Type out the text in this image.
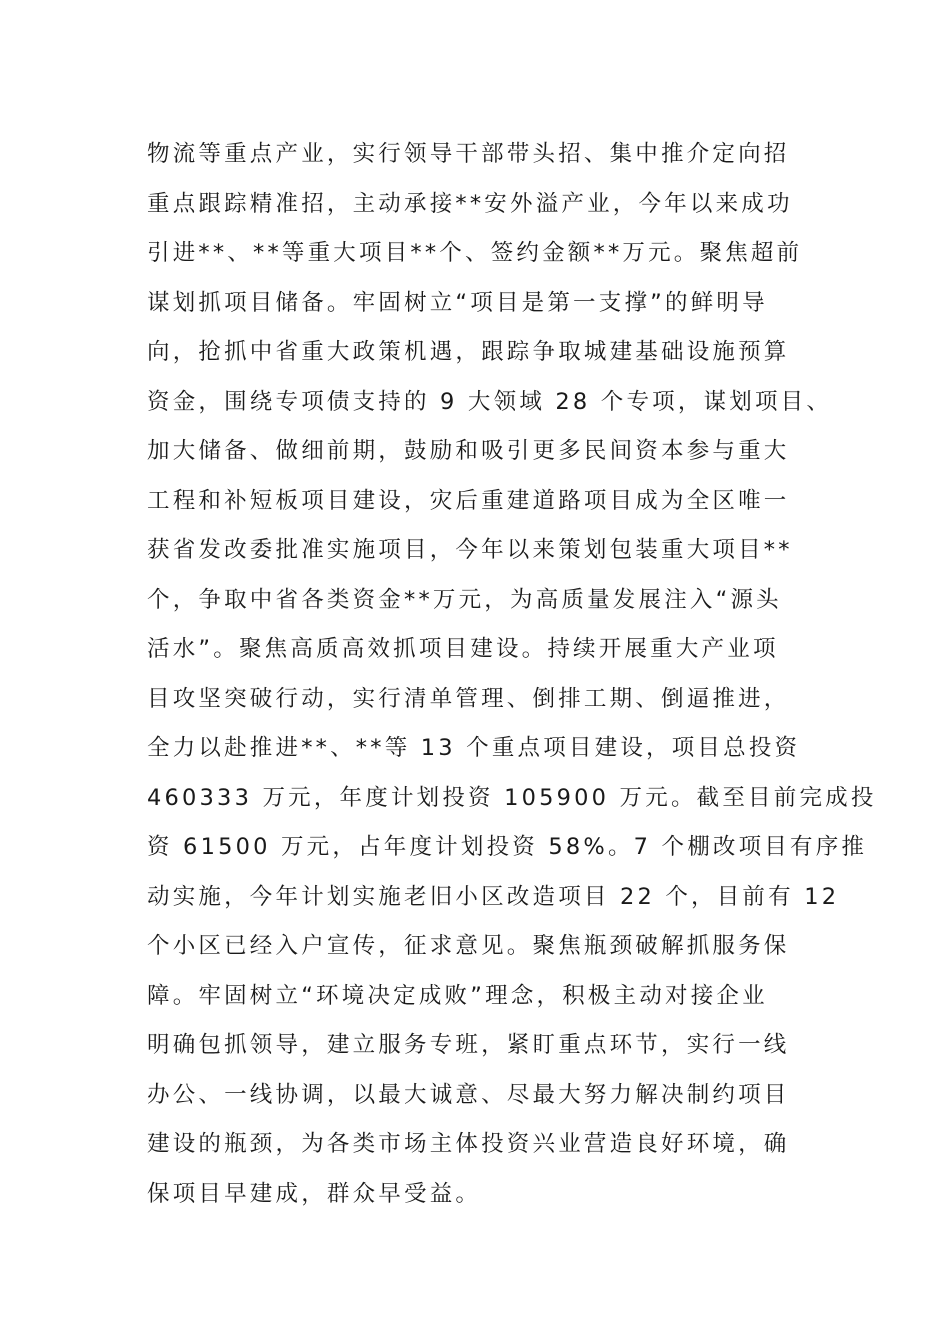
物流等重点产业，实行领导干部带头招、集中推介定向招
重点跟踪精准招，主动承接**安外溢产业，今年以来成功
引进**、**等重大项目**个、签约金额**万元。聚焦超前
谋划抓项目储备。牢固树立“项目是第一支撑”的鲜明导
向，抢抓中省重大政策机遇，跟踪争取城建基础设施预算
资金，围绕专项债支持的 9 大领域 28 个专项，谋划项目、
加大储备、做细前期，鼓励和吸引更多民间资本参与重大
工程和补短板项目建设，灾后重建道路项目成为全区唯一
获省发改委批准实施项目，今年以来策划包装重大项目**
个，争取中省各类资金**万元，为高质量发展注入“源头
活水”。聚焦高质高效抓项目建设。持续开展重大产业项
目攻坚突破行动，实行清单管理、倒排工期、倒逼推进，
全力以赴推进**、**等 13 个重点项目建设，项目总投资
460333 万元，年度计划投资 105900 万元。截至目前完成投
资 61500 万元，占年度计划投资 58%。7 个棚改项目有序推
动实施，今年计划实施老旧小区改造项目 22 个，目前有 12
个小区已经入户宣传，征求意见。聚焦瓶颈破解抓服务保
障。牢固树立“环境决定成败”理念，积极主动对接企业
明确包抓领导，建立服务专班，紧盯重点环节，实行一线
办公、一线协调，以最大诚意、尽最大努力解决制约项目
建设的瓶颈，为各类市场主体投资兴业营造良好环境，确
保项目早建成，群众早受益。
